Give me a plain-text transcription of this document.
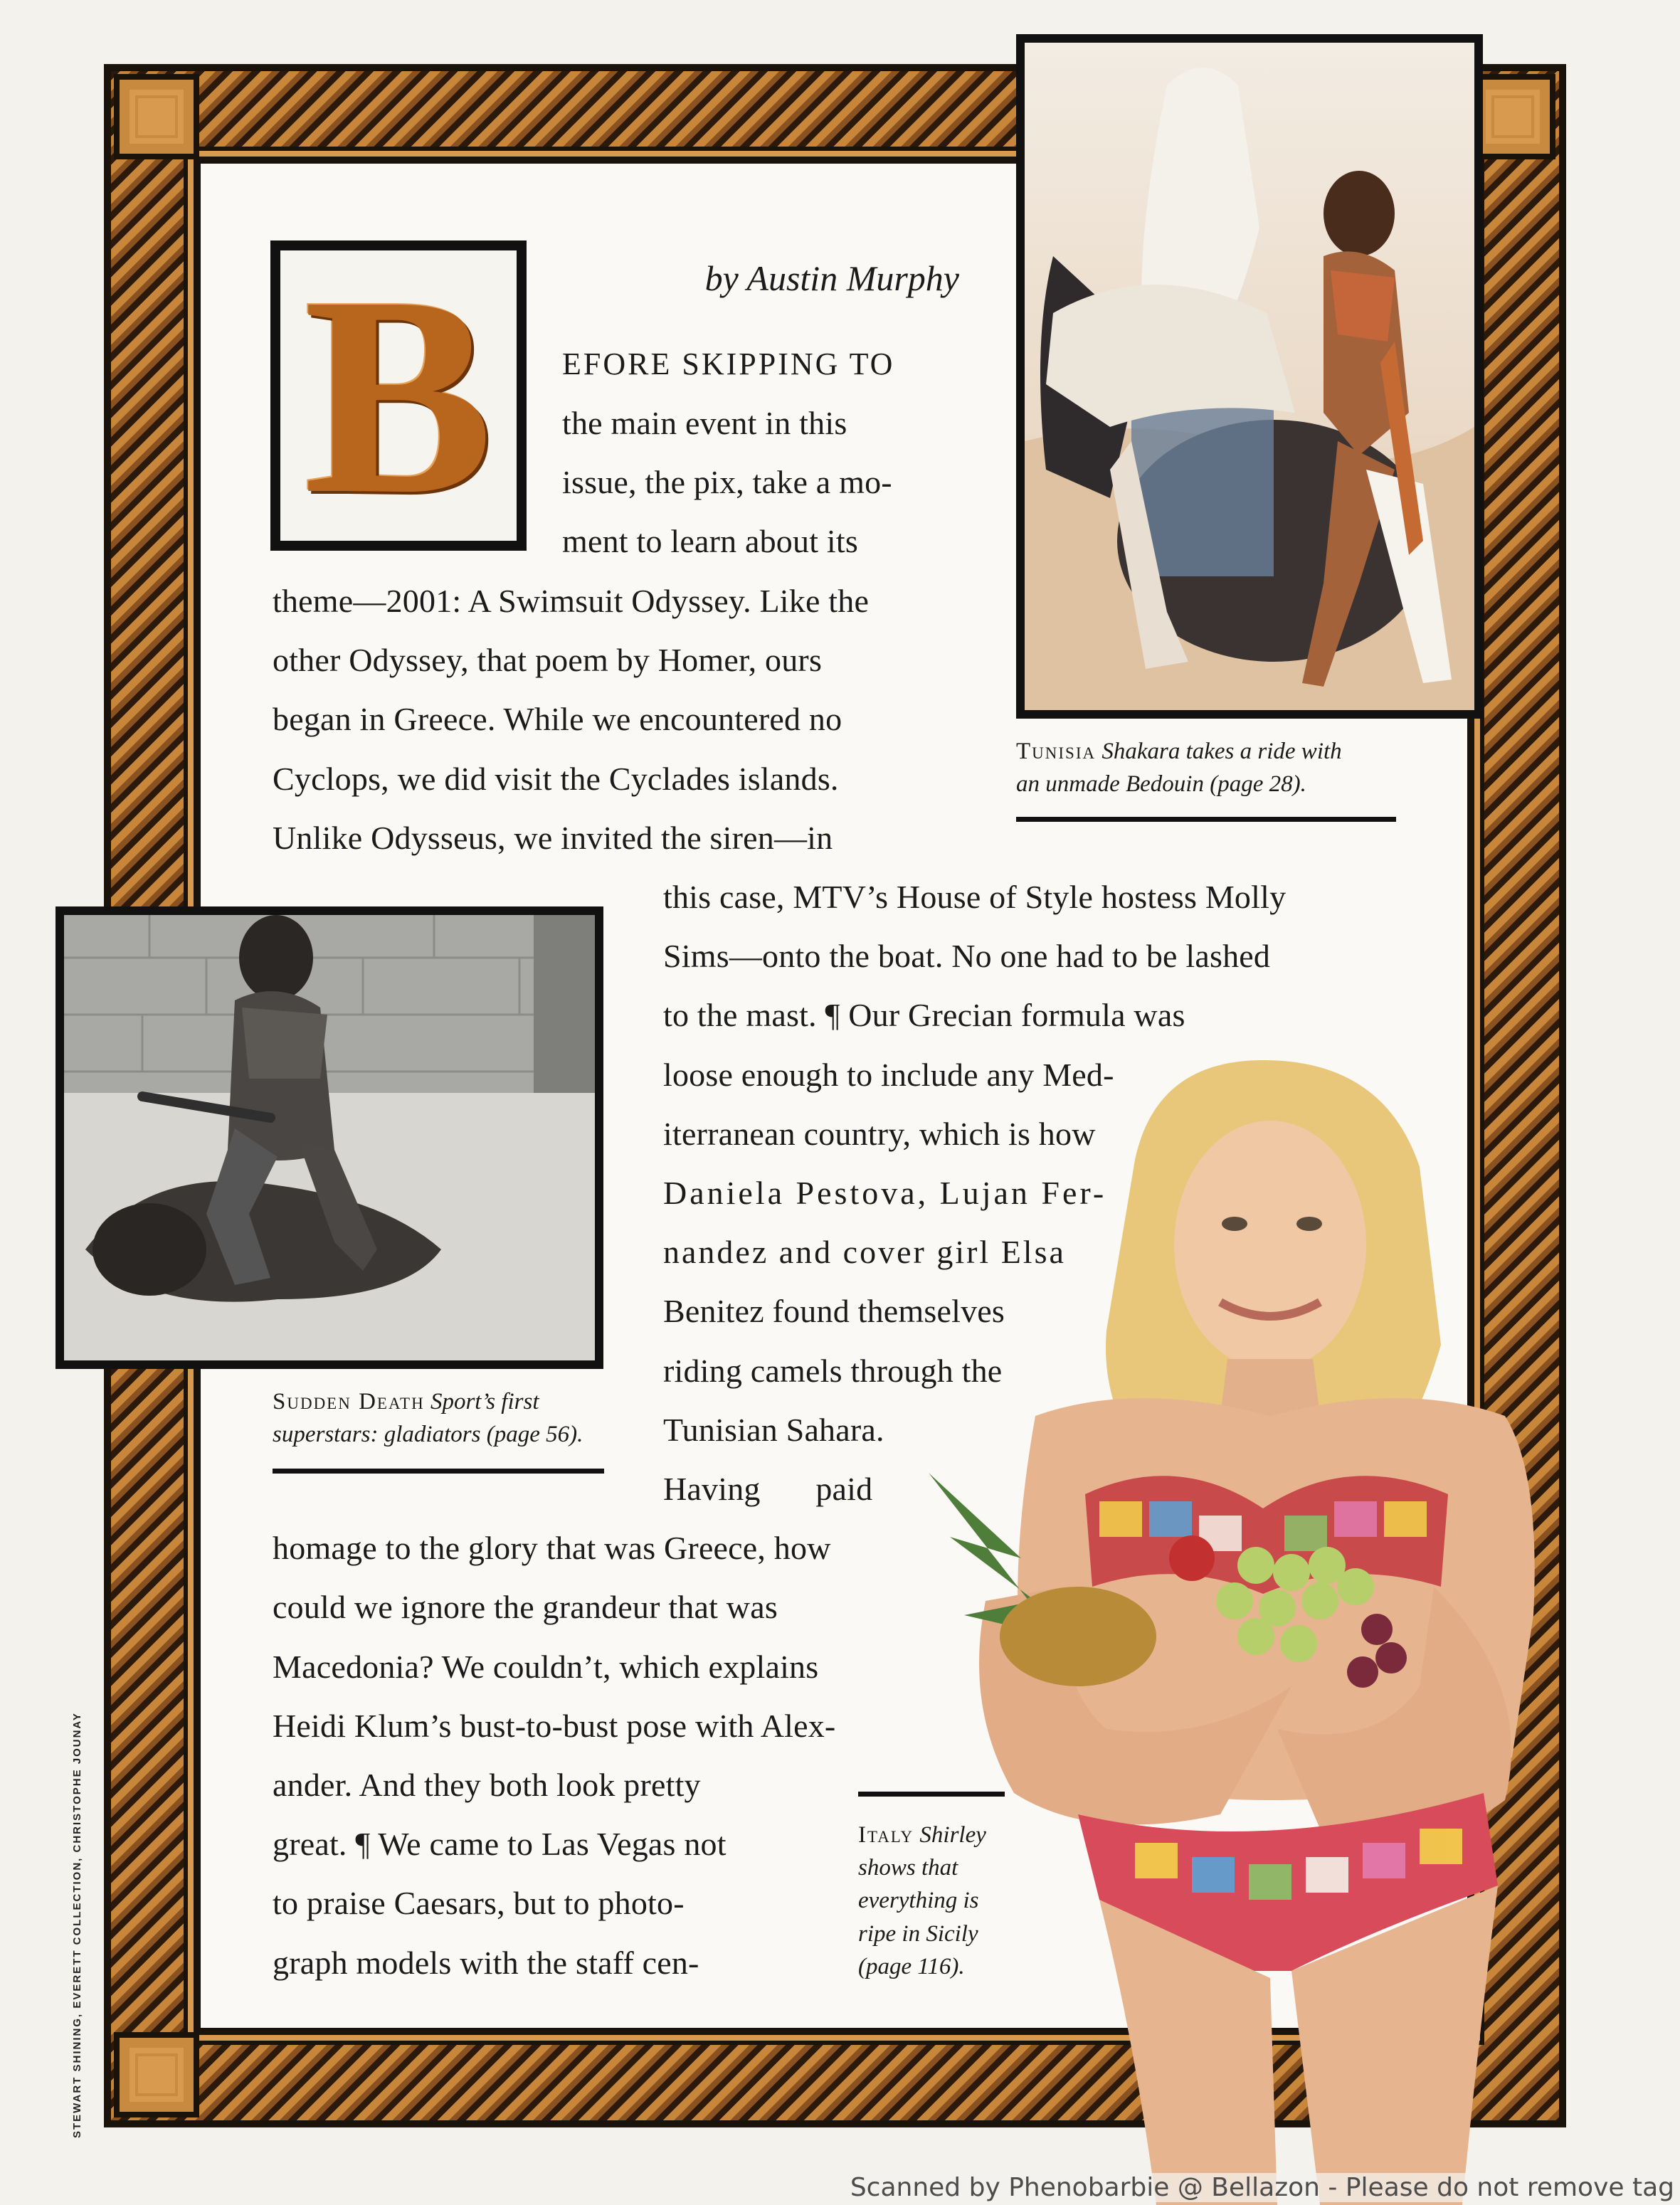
B	by Austin Murphy
EFORE SKIPPING TO
the main event in this
issue, the pix, take a mo-
ment to learn about its
theme—2001: A Swimsuit Odyssey. Like the
other Odyssey, that poem by Homer, ours
began in Greece. While we encountered no
Cyclops, we did visit the Cyclades islands.
Unlike Odysseus, we invited the siren—in
this case, MTV’s House of Style hostess Molly
Sims—onto the boat. No one had to be lashed
to the mast. ¶ Our Grecian formula was
loose enough to include any Med-
iterranean country, which is how
Daniela Pestova, Lujan Fer-
nandez and cover girl Elsa
Benitez found themselves
riding camels through the
Tunisian Sahara.
Having paid
homage to the glory that was Greece, how
could we ignore the grandeur that was
Macedonia? We couldn’t, which explains
Heidi Klum’s bust-to-bust pose with Alex-
ander. And they both look pretty
great. ¶ We came to Las Vegas not
to praise Caesars, but to photo-
graph models with the staff cen-
Tunisia Shakara takes a ride with
an unmade Bedouin (page 28).
Sudden Death Sport’s first
superstars: gladiators (page 56).
Italy Shirley
shows that
everything is
ripe in Sicily
(page 116).
STEWART SHINING, EVERETT COLLECTION, CHRISTOPHE JOUNAY
Scanned by Phenobarbie @ Bellazon - Please do not remove tag
